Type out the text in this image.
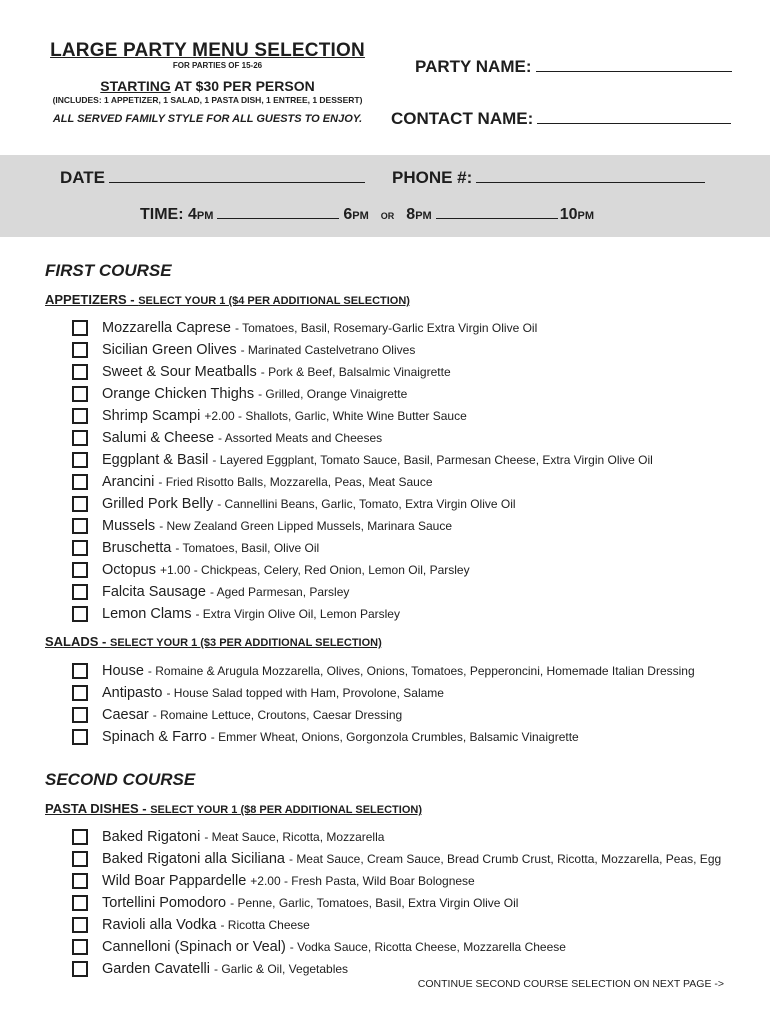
LARGE PARTY MENU SELECTION
FOR PARTIES OF 15-26
STARTING AT $30 PER PERSON
(INCLUDES: 1 APPETIZER, 1 SALAD, 1 PASTA DISH, 1 ENTREE, 1 DESSERT)
ALL SERVED FAMILY STYLE FOR ALL GUESTS TO ENJOY.
PARTY NAME:
CONTACT NAME:
DATE	PHONE #:
TIME: 4PM	6PM OR 8PM	10PM
FIRST COURSE
APPETIZERS - SELECT YOUR 1 ($4 PER ADDITIONAL SELECTION)
Mozzarella Caprese - Tomatoes, Basil, Rosemary-Garlic Extra Virgin Olive Oil
Sicilian Green Olives - Marinated Castelvetrano Olives
Sweet & Sour Meatballs - Pork & Beef, Balsalmic Vinaigrette
Orange Chicken Thighs - Grilled, Orange Vinaigrette
Shrimp Scampi +2.00 - Shallots, Garlic, White Wine Butter Sauce
Salumi & Cheese - Assorted Meats and Cheeses
Eggplant & Basil - Layered Eggplant, Tomato Sauce, Basil, Parmesan Cheese, Extra Virgin Olive Oil
Arancini - Fried Risotto Balls, Mozzarella, Peas, Meat Sauce
Grilled Pork Belly - Cannellini Beans, Garlic, Tomato, Extra Virgin Olive Oil
Mussels - New Zealand Green Lipped Mussels, Marinara Sauce
Bruschetta - Tomatoes, Basil, Olive Oil
Octopus +1.00 - Chickpeas, Celery, Red Onion, Lemon Oil, Parsley
Falcita Sausage - Aged Parmesan, Parsley
Lemon Clams - Extra Virgin Olive Oil, Lemon Parsley
SALADS - SELECT YOUR 1 ($3 PER ADDITIONAL SELECTION)
House - Romaine & Arugula Mozzarella, Olives, Onions, Tomatoes, Pepperoncini, Homemade Italian Dressing
Antipasto - House Salad topped with Ham, Provolone, Salame
Caesar - Romaine Lettuce, Croutons, Caesar Dressing
Spinach & Farro - Emmer Wheat, Onions, Gorgonzola Crumbles, Balsamic Vinaigrette
SECOND COURSE
PASTA DISHES - SELECT YOUR 1 ($8 PER ADDITIONAL SELECTION)
Baked Rigatoni - Meat Sauce, Ricotta, Mozzarella
Baked Rigatoni alla Siciliana - Meat Sauce, Cream Sauce, Bread Crumb Crust, Ricotta, Mozzarella, Peas, Egg
Wild Boar Pappardelle +2.00 - Fresh Pasta, Wild Boar Bolognese
Tortellini Pomodoro - Penne, Garlic, Tomatoes, Basil, Extra Virgin Olive Oil
Ravioli alla Vodka - Ricotta Cheese
Cannelloni (Spinach or Veal) - Vodka Sauce, Ricotta Cheese, Mozzarella Cheese
Garden Cavatelli - Garlic & Oil, Vegetables
CONTINUE SECOND COURSE SELECTION ON NEXT PAGE ->
